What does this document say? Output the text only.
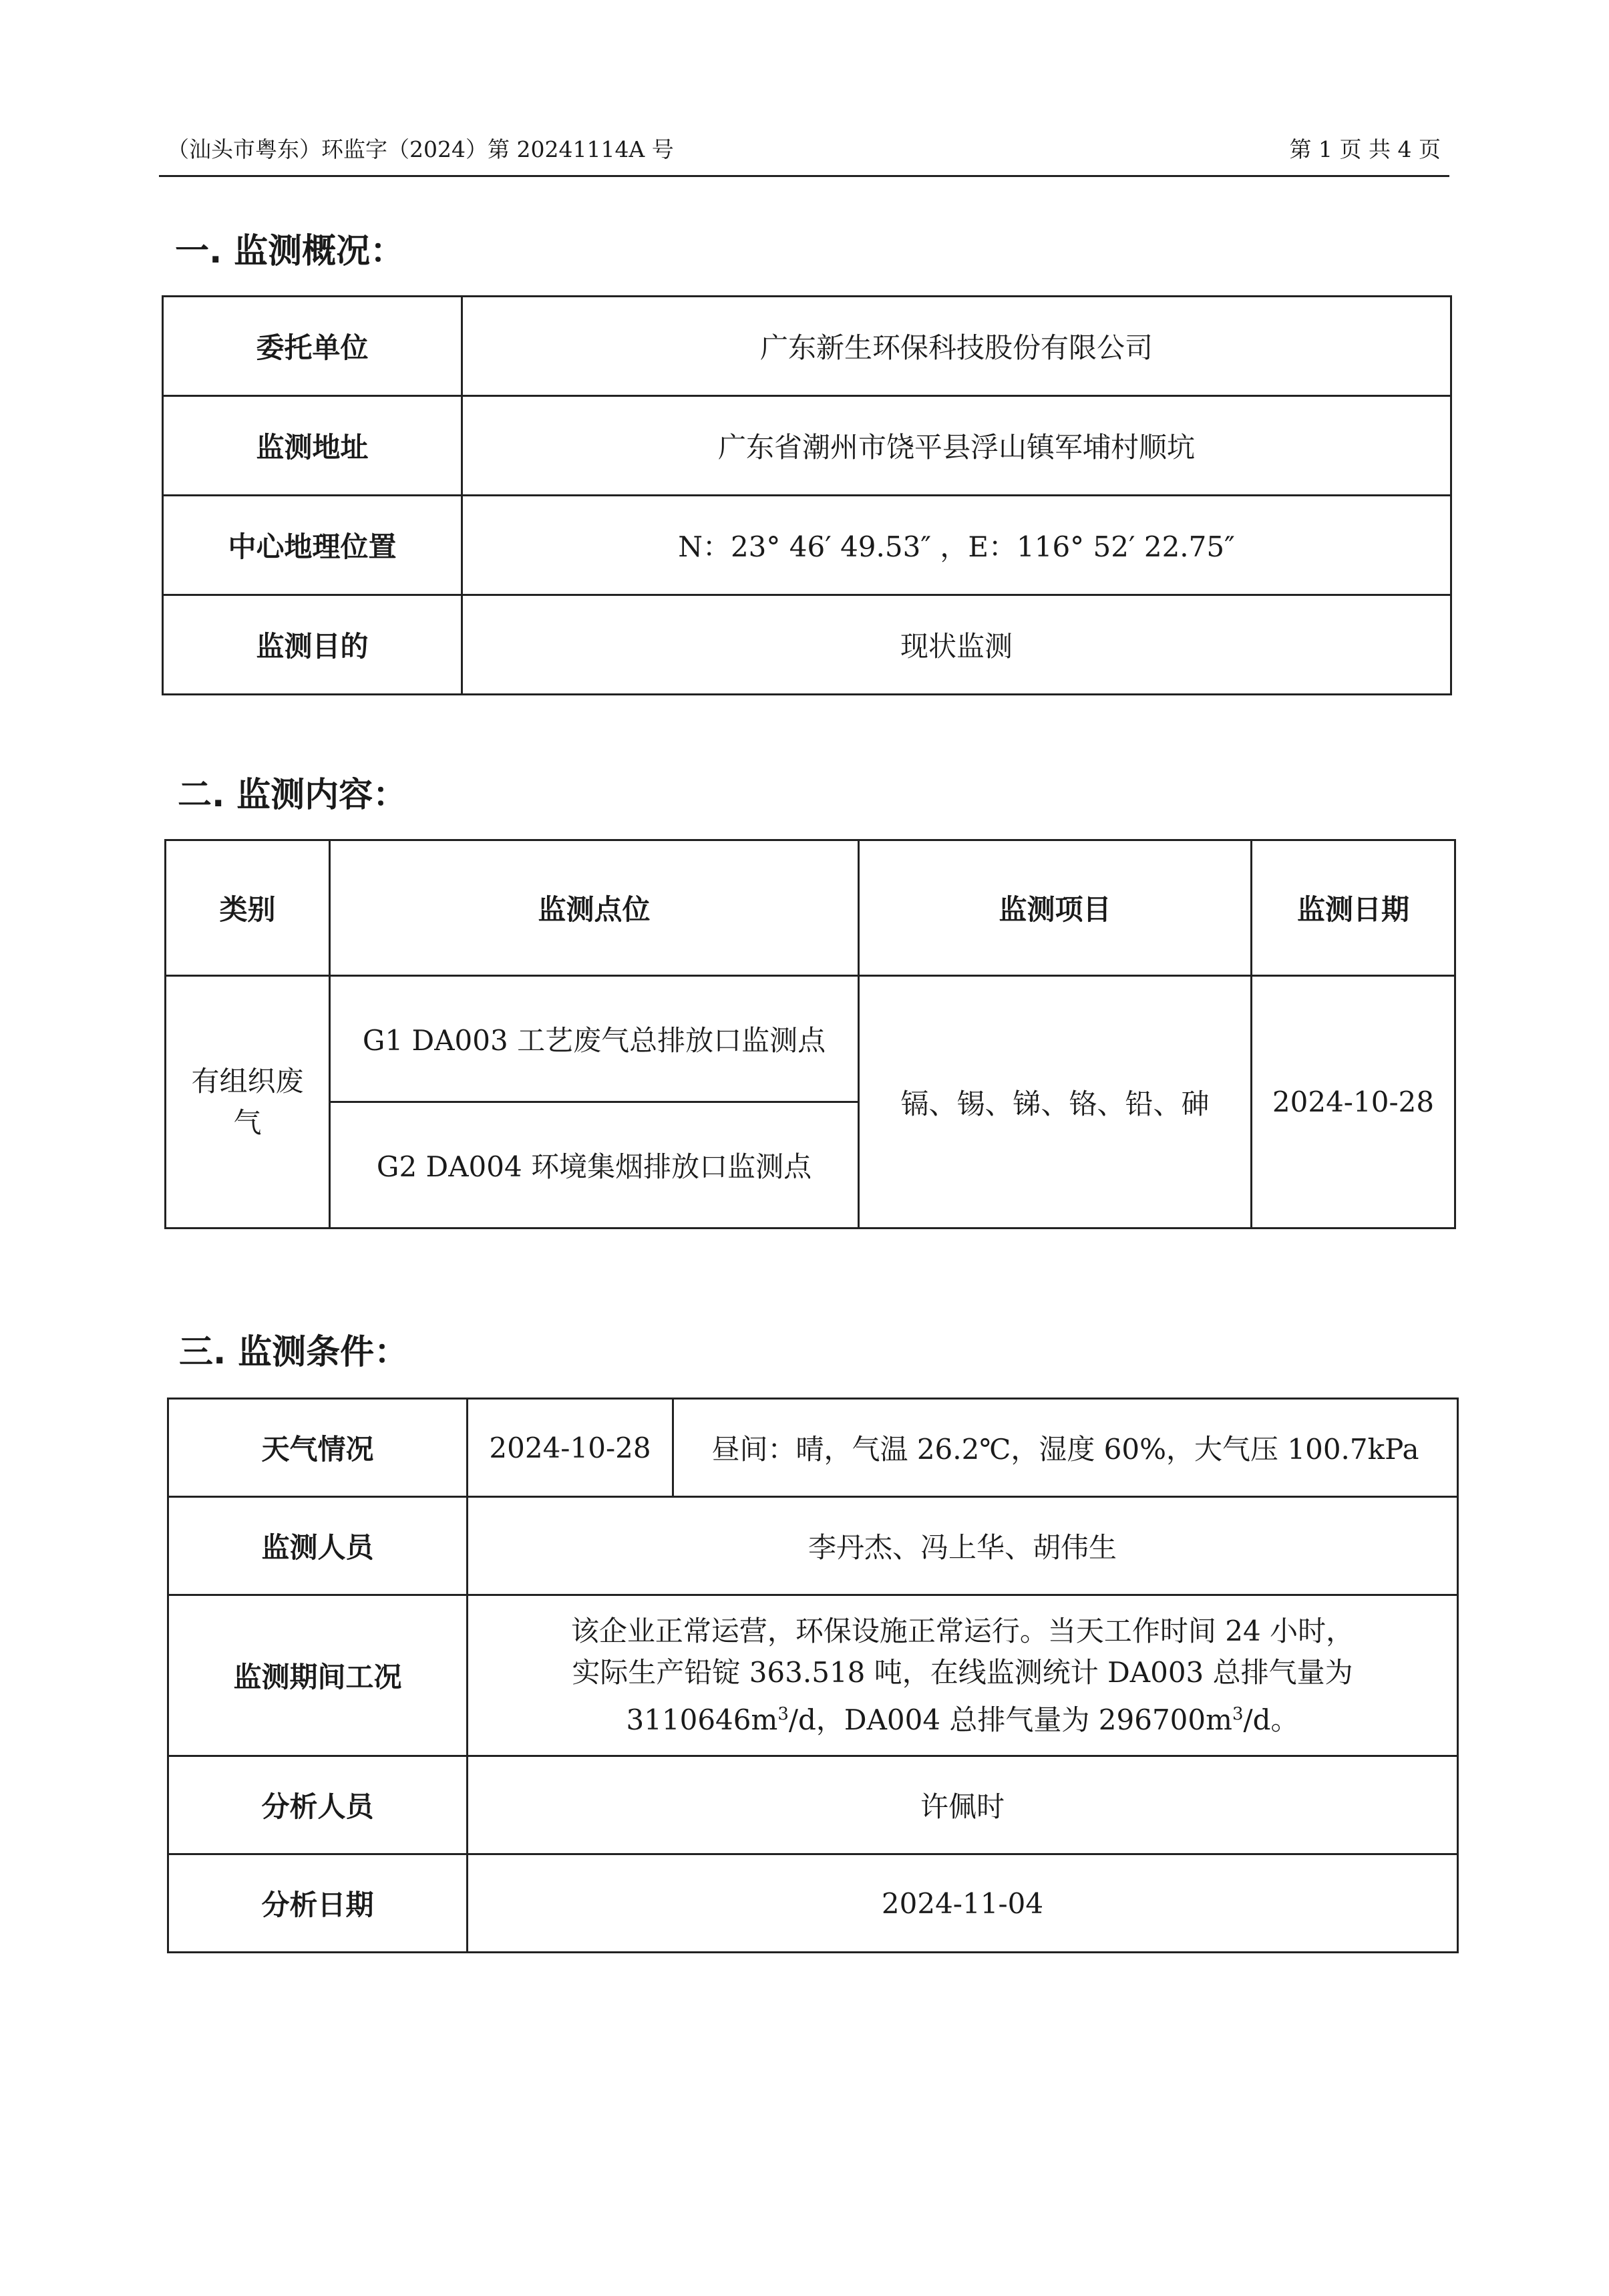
（汕头市粤东）环监字（2024）第 20241114A 号	第 1 页 共 4 页
一. 监测概况：
委托单位	广东新生环保科技股份有限公司
监测地址	广东省潮州市饶平县浮山镇军埔村顺坑
中心地理位置	N：23° 46′ 49.53″ ，E：116° 52′ 22.75″
监测目的	现状监测
二. 监测内容：
类别	监测点位	监测项目	监测日期
有组织废气	G1 DA003 工艺废气总排放口监测点	镉、锡、锑、铬、铅、砷	2024-10-28
	G2 DA004 环境集烟排放口监测点		
三. 监测条件：
天气情况	2024-10-28	昼间：晴，气温 26.2℃，湿度 60%，大气压 100.7kPa
监测人员	李丹杰、冯上华、胡伟生	
监测期间工况	该企业正常运营，环保设施正常运行。当天工作时间 24 小时，
实际生产铅锭 363.518 吨，在线监测统计 DA003 总排气量为
$3110646m^3/d$，DA004 总排气量为 $296700m^3/d$。	

分析人员	许佩时	
分析日期	2024-11-04	
